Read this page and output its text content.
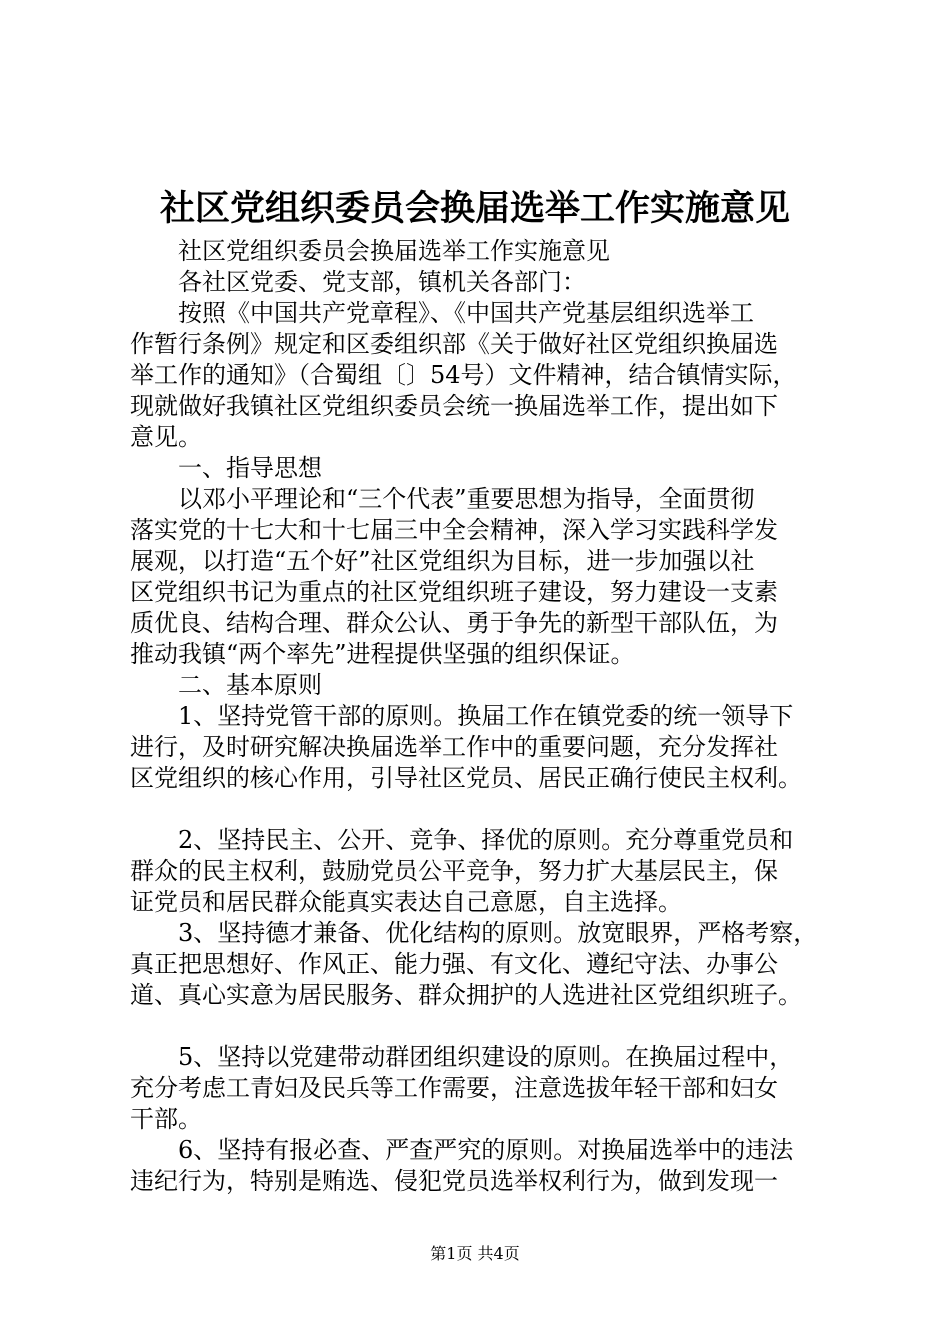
社区党组织委员会换届选举工作实施意见
社区党组织委员会换届选举工作实施意见
各社区党委、党支部，镇机关各部门：
按照《中国共产党章程》、《中国共产党基层组织选举工
作暂行条例》规定和区委组织部《关于做好社区党组织换届选
举工作的通知》（合蜀组〔〕54号）文件精神，结合镇情实际，
现就做好我镇社区党组织委员会统一换届选举工作，提出如下
意见。
一、指导思想
以邓小平理论和“三个代表”重要思想为指导，全面贯彻
落实党的十七大和十七届三中全会精神，深入学习实践科学发
展观，以打造“五个好”社区党组织为目标，进一步加强以社
区党组织书记为重点的社区党组织班子建设，努力建设一支素
质优良、结构合理、群众公认、勇于争先的新型干部队伍，为
推动我镇“两个率先”进程提供坚强的组织保证。
二、基本原则
1、坚持党管干部的原则。换届工作在镇党委的统一领导下
进行，及时研究解决换届选举工作中的重要问题，充分发挥社
区党组织的核心作用，引导社区党员、居民正确行使民主权利。
2、坚持民主、公开、竞争、择优的原则。充分尊重党员和
群众的民主权利，鼓励党员公平竞争，努力扩大基层民主，保
证党员和居民群众能真实表达自己意愿，自主选择。
3、坚持德才兼备、优化结构的原则。放宽眼界，严格考察，
真正把思想好、作风正、能力强、有文化、遵纪守法、办事公
道、真心实意为居民服务、群众拥护的人选进社区党组织班子。
5、坚持以党建带动群团组织建设的原则。在换届过程中，
充分考虑工青妇及民兵等工作需要，注意选拔年轻干部和妇女
干部。
6、坚持有报必查、严查严究的原则。对换届选举中的违法
违纪行为，特别是贿选、侵犯党员选举权利行为，做到发现一
第1页 共4页
